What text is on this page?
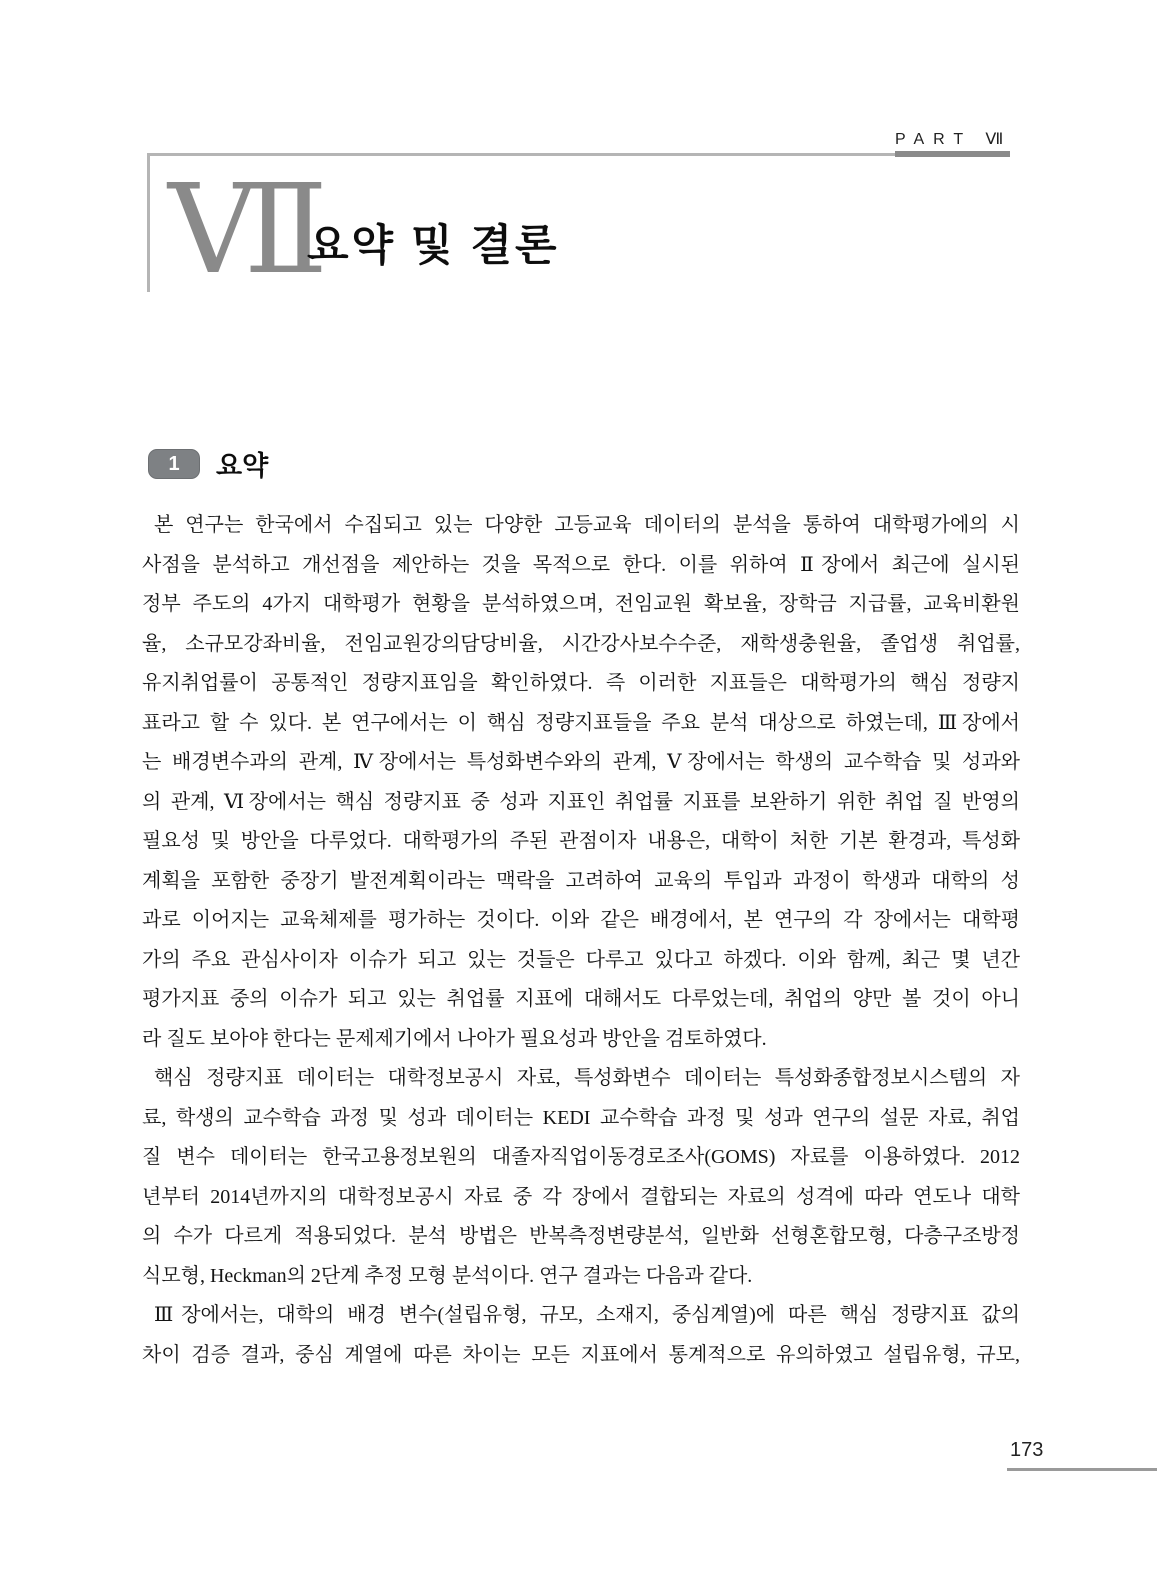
PART Ⅶ
Ⅶ
요약 및 결론
1 요약
본 연구는 한국에서 수집되고 있는 다양한 고등교육 데이터의 분석을 통하여 대학평가에의 시
사점을 분석하고 개선점을 제안하는 것을 목적으로 한다. 이를 위하여 Ⅱ장에서 최근에 실시된
정부 주도의 4가지 대학평가 현황을 분석하였으며, 전임교원 확보율, 장학금 지급률, 교육비환원
율, 소규모강좌비율, 전임교원강의담당비율, 시간강사보수수준, 재학생충원율, 졸업생 취업률,
유지취업률이 공통적인 정량지표임을 확인하였다. 즉 이러한 지표들은 대학평가의 핵심 정량지
표라고 할 수 있다. 본 연구에서는 이 핵심 정량지표들을 주요 분석 대상으로 하였는데, Ⅲ장에서
는 배경변수과의 관계, Ⅳ장에서는 특성화변수와의 관계, Ⅴ장에서는 학생의 교수학습 및 성과와
의 관계, Ⅵ장에서는 핵심 정량지표 중 성과 지표인 취업률 지표를 보완하기 위한 취업 질 반영의
필요성 및 방안을 다루었다. 대학평가의 주된 관점이자 내용은, 대학이 처한 기본 환경과, 특성화
계획을 포함한 중장기 발전계획이라는 맥락을 고려하여 교육의 투입과 과정이 학생과 대학의 성
과로 이어지는 교육체제를 평가하는 것이다. 이와 같은 배경에서, 본 연구의 각 장에서는 대학평
가의 주요 관심사이자 이슈가 되고 있는 것들은 다루고 있다고 하겠다. 이와 함께, 최근 몇 년간
평가지표 중의 이슈가 되고 있는 취업률 지표에 대해서도 다루었는데, 취업의 양만 볼 것이 아니
라 질도 보아야 한다는 문제제기에서 나아가 필요성과 방안을 검토하였다.
핵심 정량지표 데이터는 대학정보공시 자료, 특성화변수 데이터는 특성화종합정보시스템의 자
료, 학생의 교수학습 과정 및 성과 데이터는 KEDI 교수학습 과정 및 성과 연구의 설문 자료, 취업
질 변수 데이터는 한국고용정보원의 대졸자직업이동경로조사(GOMS) 자료를 이용하였다. 2012
년부터 2014년까지의 대학정보공시 자료 중 각 장에서 결합되는 자료의 성격에 따라 연도나 대학
의 수가 다르게 적용되었다. 분석 방법은 반복측정변량분석, 일반화 선형혼합모형, 다층구조방정
식모형, Heckman의 2단계 추정 모형 분석이다. 연구 결과는 다음과 같다.
Ⅲ장에서는, 대학의 배경 변수(설립유형, 규모, 소재지, 중심계열)에 따른 핵심 정량지표 값의
차이 검증 결과, 중심 계열에 따른 차이는 모든 지표에서 통계적으로 유의하였고 설립유형, 규모,
173
